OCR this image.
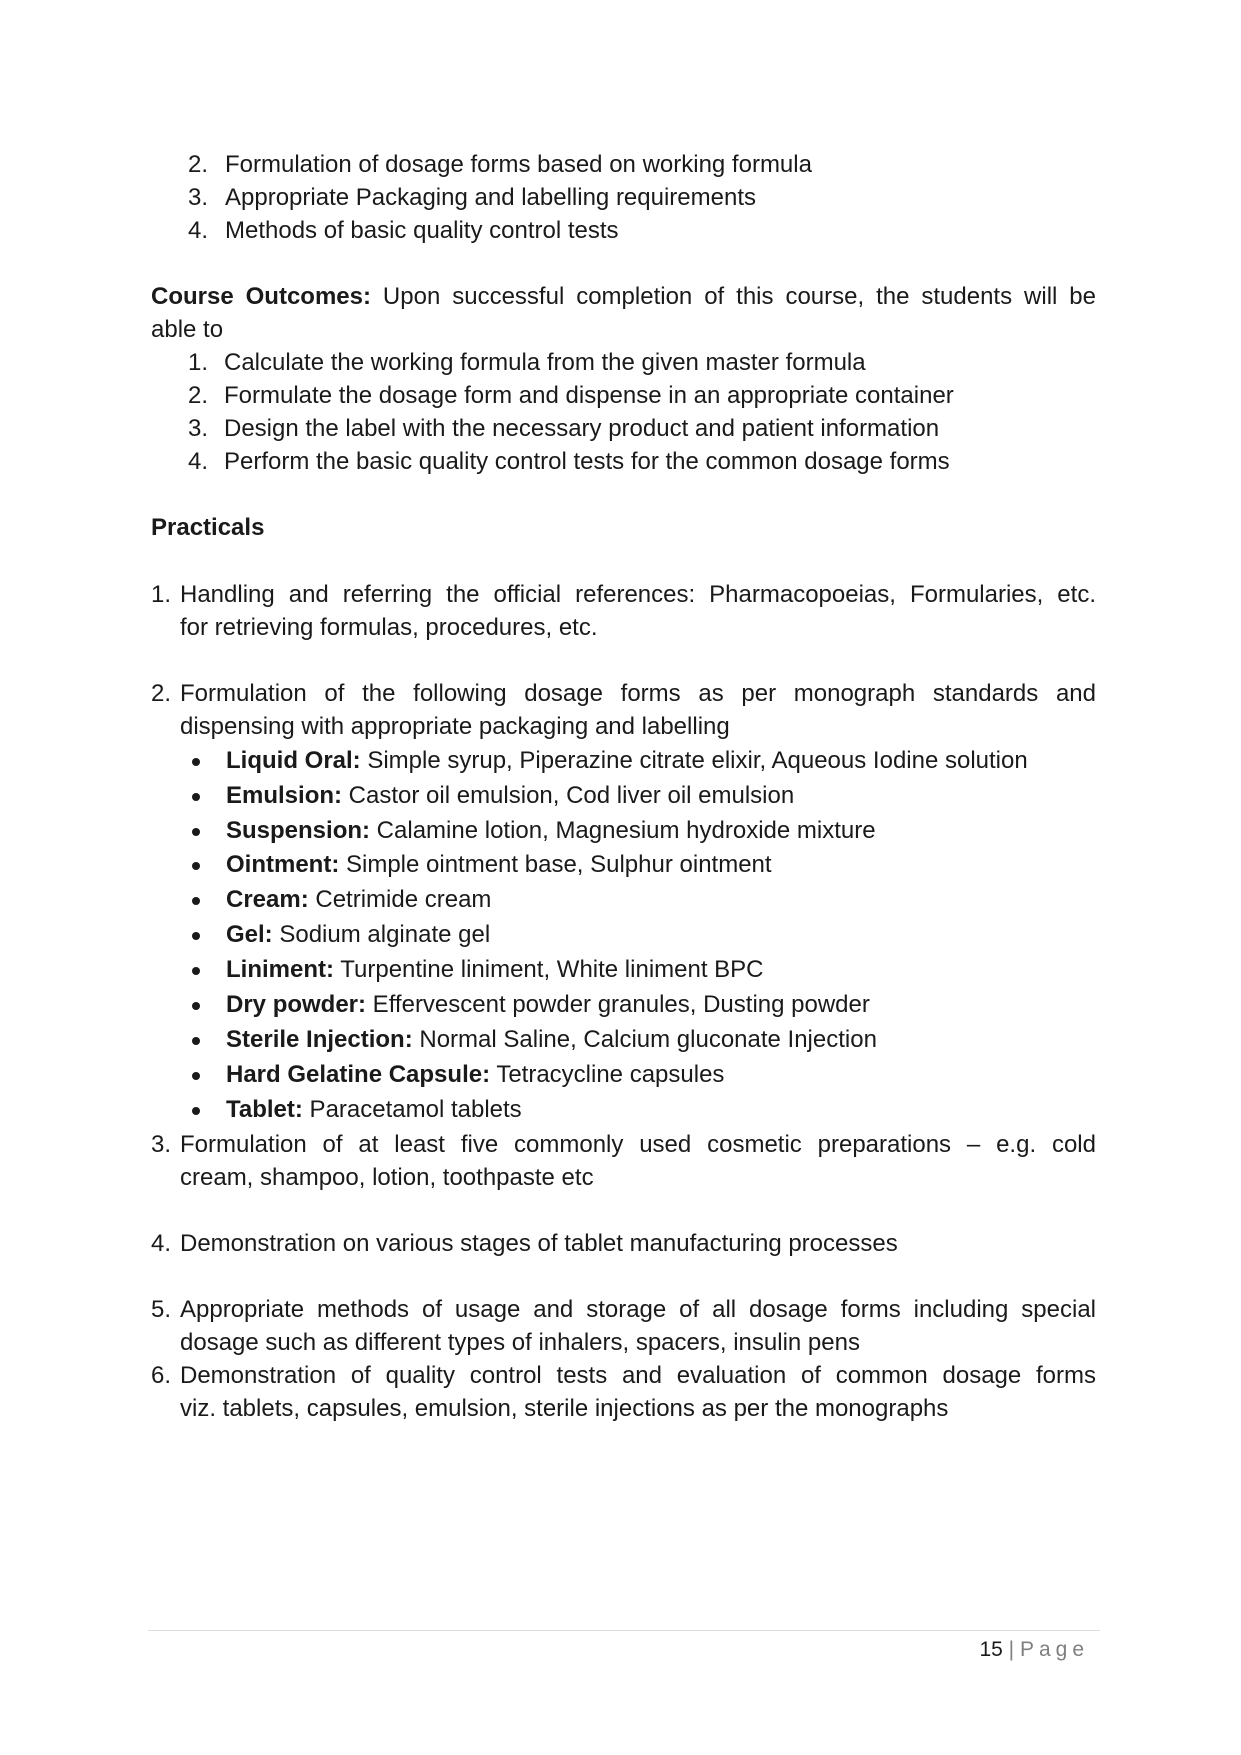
2. Formulation of dosage forms based on working formula
3. Appropriate Packaging and labelling requirements
4. Methods of basic quality control tests
Course Outcomes: Upon successful completion of this course, the students will be
able to
1. Calculate the working formula from the given master formula
2. Formulate the dosage form and dispense in an appropriate container
3. Design the label with the necessary product and patient information
4. Perform the basic quality control tests for the common dosage forms
Practicals
1. Handling and referring the official references: Pharmacopoeias, Formularies, etc.
for retrieving formulas, procedures, etc.
2. Formulation of the following dosage forms as per monograph standards and
dispensing with appropriate packaging and labelling
Liquid Oral: Simple syrup, Piperazine citrate elixir, Aqueous Iodine solution
Emulsion: Castor oil emulsion, Cod liver oil emulsion
Suspension: Calamine lotion, Magnesium hydroxide mixture
Ointment: Simple ointment base, Sulphur ointment
Cream: Cetrimide cream
Gel: Sodium alginate gel
Liniment: Turpentine liniment, White liniment BPC
Dry powder: Effervescent powder granules, Dusting powder
Sterile Injection: Normal Saline, Calcium gluconate Injection
Hard Gelatine Capsule: Tetracycline capsules
Tablet: Paracetamol tablets
3. Formulation of at least five commonly used cosmetic preparations – e.g. cold
cream, shampoo, lotion, toothpaste etc
4. Demonstration on various stages of tablet manufacturing processes
5. Appropriate methods of usage and storage of all dosage forms including special
dosage such as different types of inhalers, spacers, insulin pens
6. Demonstration of quality control tests and evaluation of common dosage forms
viz. tablets, capsules, emulsion, sterile injections as per the monographs
15 | Page
